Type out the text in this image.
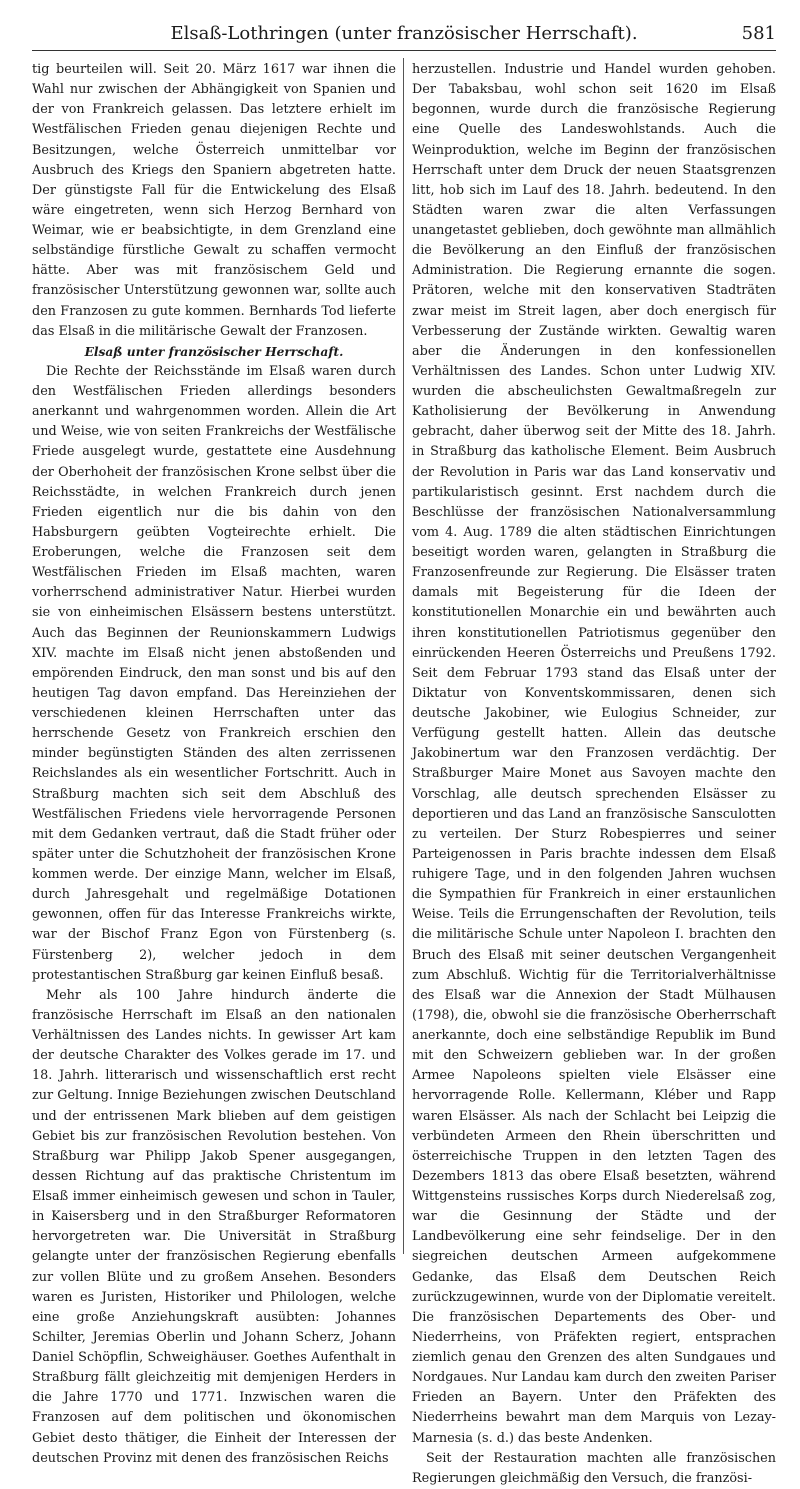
Elsaß-Lothringen (unter französischer Herrschaft).	581

tig beurteilen will. Seit 20. März 1617 war ihnen die Wahl nur zwischen der Abhängigkeit von Spanien und der von Frankreich gelassen. Das letztere erhielt im Westfälischen Frieden genau diejenigen Rechte und Besitzungen, welche Österreich unmittelbar vor Ausbruch des Kriegs den Spaniern abgetreten hatte. Der günstigste Fall für die Entwickelung des Elsaß wäre eingetreten, wenn sich Herzog Bernhard von Weimar, wie er beabsichtigte, in dem Grenzland eine selbständige fürstliche Gewalt zu schaffen vermocht hätte. Aber was mit französischem Geld und französischer Unterstützung gewonnen war, sollte auch den Franzosen zu gute kommen. Bernhards Tod lieferte das Elsaß in die militärische Gewalt der Franzosen.

Elsaß unter französischer Herrschaft.

Die Rechte der Reichsstände im Elsaß waren durch den Westfälischen Frieden allerdings besonders anerkannt und wahrgenommen worden. Allein die Art und Weise, wie von seiten Frankreichs der Westfälische Friede ausgelegt wurde, gestattete eine Ausdehnung der Oberhoheit der französischen Krone selbst über die Reichsstädte, in welchen Frankreich durch jenen Frieden eigentlich nur die bis dahin von den Habsburgern geübten Vogteirechte erhielt. Die Eroberungen, welche die Franzosen seit dem Westfälischen Frieden im Elsaß machten, waren vorherrschend administrativer Natur. Hierbei wurden sie von einheimischen Elsässern bestens unterstützt. Auch das Beginnen der Reunionskammern Ludwigs XIV. machte im Elsaß nicht jenen abstoßenden und empörenden Eindruck, den man sonst und bis auf den heutigen Tag davon empfand. Das Hereinziehen der verschiedenen kleinen Herrschaften unter das herrschende Gesetz von Frankreich erschien den minder begünstigten Ständen des alten zerrissenen Reichslandes als ein wesentlicher Fortschritt. Auch in Straßburg machten sich seit dem Abschluß des Westfälischen Friedens viele hervorragende Personen mit dem Gedanken vertraut, daß die Stadt früher oder später unter die Schutzhoheit der französischen Krone kommen werde. Der einzige Mann, welcher im Elsaß, durch Jahresgehalt und regelmäßige Dotationen gewonnen, offen für das Interesse Frankreichs wirkte, war der Bischof Franz Egon von Fürstenberg (s. Fürstenberg 2), welcher jedoch in dem protestantischen Straßburg gar keinen Einfluß besaß.

Mehr als 100 Jahre hindurch änderte die französische Herrschaft im Elsaß an den nationalen Verhältnissen des Landes nichts. In gewisser Art kam der deutsche Charakter des Volkes gerade im 17. und 18. Jahrh. litterarisch und wissenschaftlich erst recht zur Geltung. Innige Beziehungen zwischen Deutschland und der entrissenen Mark blieben auf dem geistigen Gebiet bis zur französischen Revolution bestehen. Von Straßburg war Philipp Jakob Spener ausgegangen, dessen Richtung auf das praktische Christentum im Elsaß immer einheimisch gewesen und schon in Tauler, in Kaisersberg und in den Straßburger Reformatoren hervorgetreten war. Die Universität in Straßburg gelangte unter der französischen Regierung ebenfalls zur vollen Blüte und zu großem Ansehen. Besonders waren es Juristen, Historiker und Philologen, welche eine große Anziehungskraft ausübten: Johannes Schilter, Jeremias Oberlin und Johann Scherz, Johann Daniel Schöpflin, Schweighäuser. Goethes Aufenthalt in Straßburg fällt gleichzeitig mit demjenigen Herders in die Jahre 1770 und 1771. Inzwischen waren die Franzosen auf dem politischen und ökonomischen Gebiet desto thätiger, die Einheit der Interessen der deutschen Provinz mit denen des französischen Reichs

herzustellen. Industrie und Handel wurden gehoben. Der Tabaksbau, wohl schon seit 1620 im Elsaß begonnen, wurde durch die französische Regierung eine Quelle des Landeswohlstands. Auch die Weinproduktion, welche im Beginn der französischen Herrschaft unter dem Druck der neuen Staatsgrenzen litt, hob sich im Lauf des 18. Jahrh. bedeutend. In den Städten waren zwar die alten Verfassungen unangetastet geblieben, doch gewöhnte man allmählich die Bevölkerung an den Einfluß der französischen Administration. Die Regierung ernannte die sogen. Prätoren, welche mit den konservativen Stadträten zwar meist im Streit lagen, aber doch energisch für Verbesserung der Zustände wirkten. Gewaltig waren aber die Änderungen in den konfessionellen Verhältnissen des Landes. Schon unter Ludwig XIV. wurden die abscheulichsten Gewaltmaßregeln zur Katholisierung der Bevölkerung in Anwendung gebracht, daher überwog seit der Mitte des 18. Jahrh. in Straßburg das katholische Element. Beim Ausbruch der Revolution in Paris war das Land konservativ und partikularistisch gesinnt. Erst nachdem durch die Beschlüsse der französischen Nationalversammlung vom 4. Aug. 1789 die alten städtischen Einrichtungen beseitigt worden waren, gelangten in Straßburg die Franzosenfreunde zur Regierung. Die Elsässer traten damals mit Begeisterung für die Ideen der konstitutionellen Monarchie ein und bewährten auch ihren konstitutionellen Patriotismus gegenüber den einrückenden Heeren Österreichs und Preußens 1792. Seit dem Februar 1793 stand das Elsaß unter der Diktatur von Konventskommissaren, denen sich deutsche Jakobiner, wie Eulogius Schneider, zur Verfügung gestellt hatten. Allein das deutsche Jakobinertum war den Franzosen verdächtig. Der Straßburger Maire Monet aus Savoyen machte den Vorschlag, alle deutsch sprechenden Elsässer zu deportieren und das Land an französische Sansculotten zu verteilen. Der Sturz Robespierres und seiner Parteigenossen in Paris brachte indessen dem Elsaß ruhigere Tage, und in den folgenden Jahren wuchsen die Sympathien für Frankreich in einer erstaunlichen Weise. Teils die Errungenschaften der Revolution, teils die militärische Schule unter Napoleon I. brachten den Bruch des Elsaß mit seiner deutschen Vergangenheit zum Abschluß. Wichtig für die Territorialverhältnisse des Elsaß war die Annexion der Stadt Mülhausen (1798), die, obwohl sie die französische Oberherrschaft anerkannte, doch eine selbständige Republik im Bund mit den Schweizern geblieben war. In der großen Armee Napoleons spielten viele Elsässer eine hervorragende Rolle. Kellermann, Kléber und Rapp waren Elsässer. Als nach der Schlacht bei Leipzig die verbündeten Armeen den Rhein überschritten und österreichische Truppen in den letzten Tagen des Dezembers 1813 das obere Elsaß besetzten, während Wittgensteins russisches Korps durch Niederelsaß zog, war die Gesinnung der Städte und der Landbevölkerung eine sehr feindselige. Der in den siegreichen deutschen Armeen aufgekommene Gedanke, das Elsaß dem Deutschen Reich zurückzugewinnen, wurde von der Diplomatie vereitelt. Die französischen Departements des Ober- und Niederrheins, von Präfekten regiert, entsprachen ziemlich genau den Grenzen des alten Sundgaues und Nordgaues. Nur Landau kam durch den zweiten Pariser Frieden an Bayern. Unter den Präfekten des Niederrheins bewahrt man dem Marquis von Lezay-Marnesia (s. d.) das beste Andenken.

Seit der Restauration machten alle französischen Regierungen gleichmäßig den Versuch, die französi-
